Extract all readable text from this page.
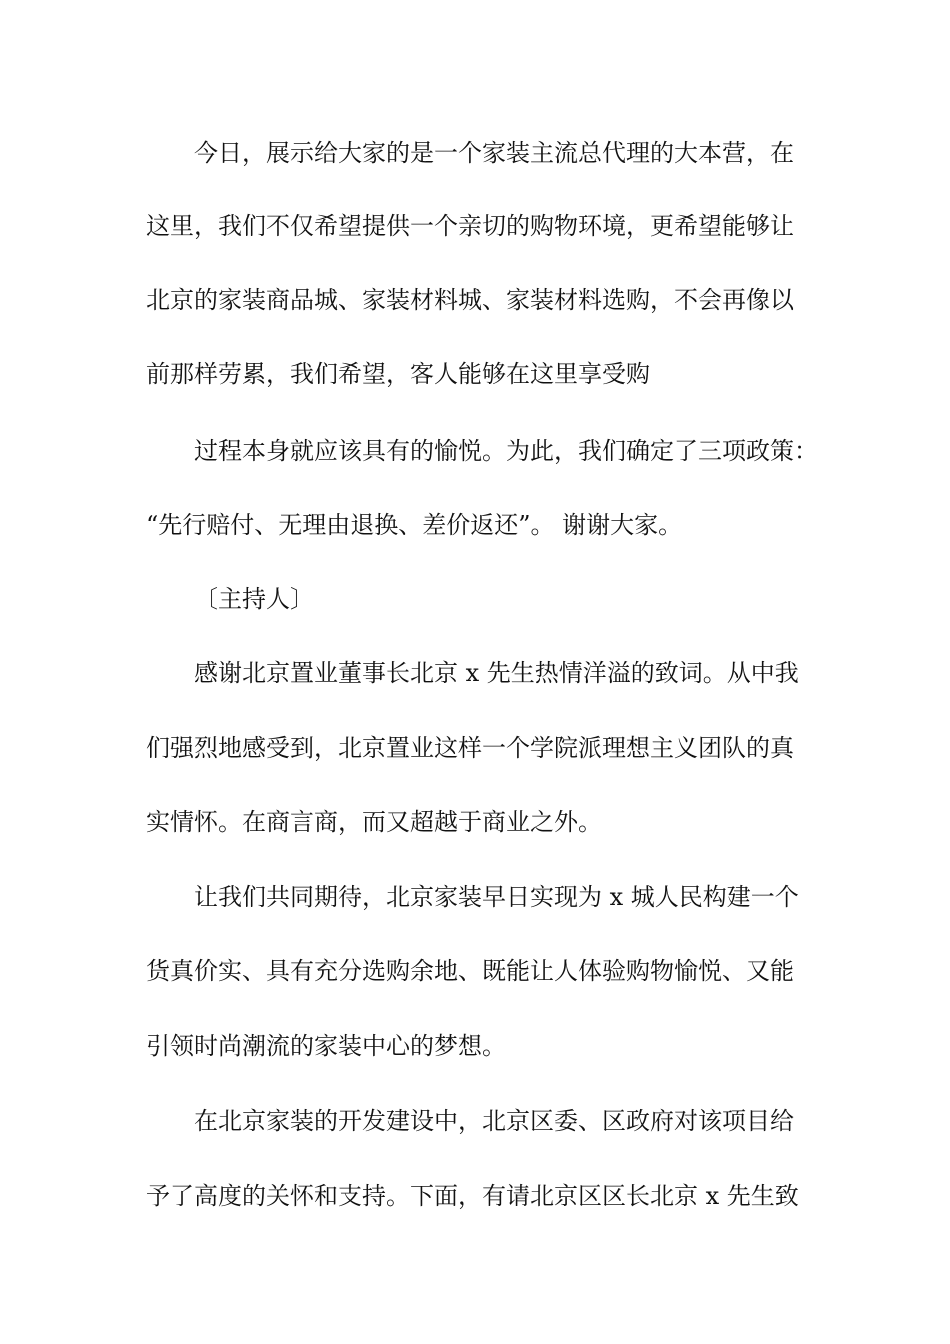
今日，展示给大家的是一个家装主流总代理的大本营，在
这里，我们不仅希望提供一个亲切的购物环境，更希望能够让
北京的家装商品城、家装材料城、家装材料选购，不会再像以
前那样劳累，我们希望，客人能够在这里享受购
过程本身就应该具有的愉悦。为此，我们确定了三项政策：
“先行赔付、无理由退换、差价返还”。 谢谢大家。
〔主持人〕
感谢北京置业董事长北京 x 先生热情洋溢的致词。从中我
们强烈地感受到，北京置业这样一个学院派理想主义团队的真
实情怀。在商言商，而又超越于商业之外。
让我们共同期待，北京家装早日实现为 x 城人民构建一个
货真价实、具有充分选购余地、既能让人体验购物愉悦、又能
引领时尚潮流的家装中心的梦想。
在北京家装的开发建设中，北京区委、区政府对该项目给
予了高度的关怀和支持。下面，有请北京区区长北京 x 先生致
